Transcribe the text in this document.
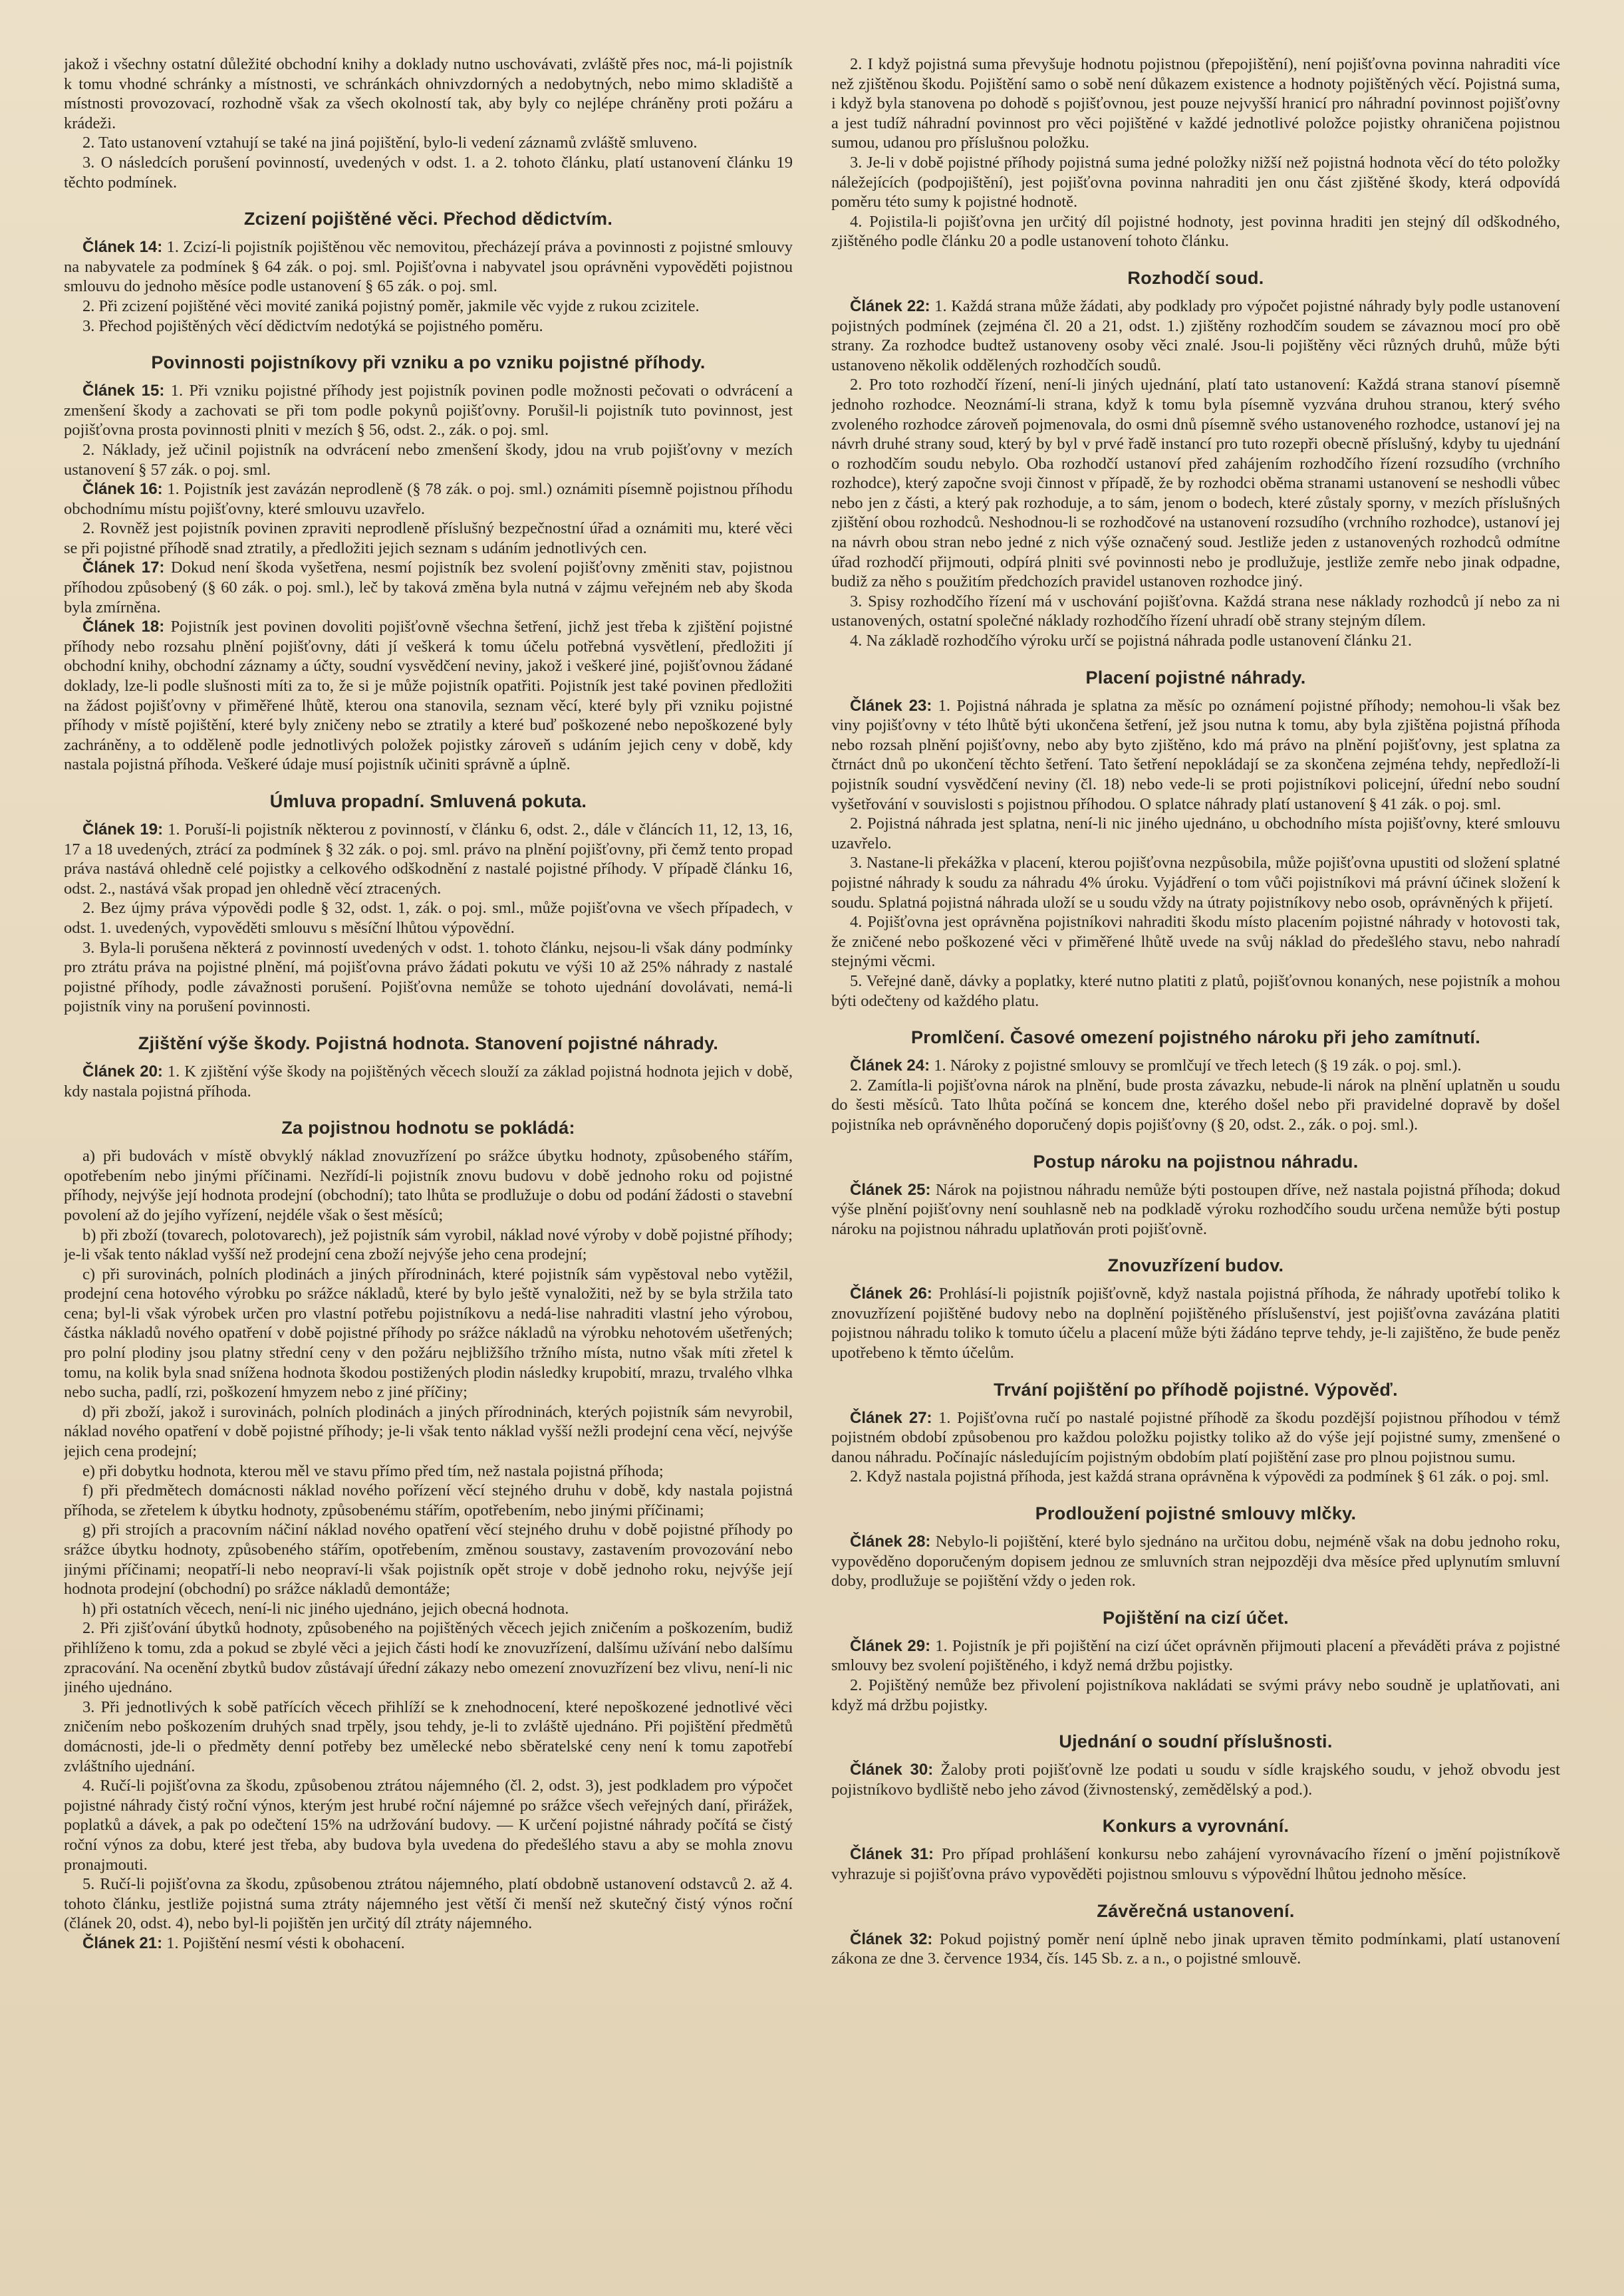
jakož i všechny ostatní důležité obchodní knihy a doklady nutno uschovávati, zvláště přes noc, má-li pojistník k tomu vhodné schránky a místnosti, ve schránkách ohnivzdorných a nedobytných, nebo mimo skladiště a místnosti provozovací, rozhodně však za všech okolností tak, aby byly co nejlépe chráněny proti požáru a krádeži.

2. Tato ustanovení vztahují se také na jiná pojištění, bylo-li vedení záznamů zvláště smluveno.

3. O následcích porušení povinností, uvedených v odst. 1. a 2. tohoto článku, platí ustanovení článku 19 těchto podmínek.

Zcizení pojištěné věci. Přechod dědictvím.

Článek 14: 1. Zcizí-li pojistník pojištěnou věc nemovitou, přecházejí práva a povinnosti z pojistné smlouvy na nabyvatele za podmínek § 64 zák. o poj. sml. Pojišťovna i nabyvatel jsou oprávněni vypověděti pojistnou smlouvu do jednoho měsíce podle ustanovení § 65 zák. o poj. sml.

2. Při zcizení pojištěné věci movité zaniká pojistný poměr, jakmile věc vyjde z rukou zcizitele.

3. Přechod pojištěných věcí dědictvím nedotýká se pojistného poměru.

Povinnosti pojistníkovy při vzniku a po vzniku pojistné příhody.

Článek 15: 1. Při vzniku pojistné příhody jest pojistník povinen podle možnosti pečovati o odvrácení a zmenšení škody a zachovati se při tom podle pokynů pojišťovny. Porušil-li pojistník tuto povinnost, jest pojišťovna prosta povinnosti plniti v mezích § 56, odst. 2., zák. o poj. sml.

2. Náklady, jež učinil pojistník na odvrácení nebo zmenšení škody, jdou na vrub pojišťovny v mezích ustanovení § 57 zák. o poj. sml.

Článek 16: 1. Pojistník jest zavázán neprodleně (§ 78 zák. o poj. sml.) oznámiti písemně pojistnou příhodu obchodnímu místu pojišťovny, které smlouvu uzavřelo.

2. Rovněž jest pojistník povinen zpraviti neprodleně příslušný bezpečnostní úřad a oznámiti mu, které věci se při pojistné příhodě snad ztratily, a předložiti jejich seznam s udáním jednotlivých cen.

Článek 17: Dokud není škoda vyšetřena, nesmí pojistník bez svolení pojišťovny změniti stav, pojistnou příhodou způsobený (§ 60 zák. o poj. sml.), leč by taková změna byla nutná v zájmu veřejném neb aby škoda byla zmírněna.

Článek 18: Pojistník jest povinen dovoliti pojišťovně všechna šetření, jichž jest třeba k zjištění pojistné příhody nebo rozsahu plnění pojišťovny, dáti jí veškerá k tomu účelu potřebná vysvětlení, předložiti jí obchodní knihy, obchodní záznamy a účty, soudní vysvědčení neviny, jakož i veškeré jiné, pojišťovnou žádané doklady, lze-li podle slušnosti míti za to, že si je může pojistník opatřiti. Pojistník jest také povinen předložiti na žádost pojišťovny v přiměřené lhůtě, kterou ona stanovila, seznam věcí, které byly při vzniku pojistné příhody v místě pojištění, které byly zničeny nebo se ztratily a které buď poškozené nebo nepoškozené byly zachráněny, a to odděleně podle jednotlivých položek pojistky zároveň s udáním jejich ceny v době, kdy nastala pojistná příhoda. Veškeré údaje musí pojistník učiniti správně a úplně.

Úmluva propadní. Smluvená pokuta.

Článek 19: 1. Poruší-li pojistník některou z povinností, v článku 6, odst. 2., dále v článcích 11, 12, 13, 16, 17 a 18 uvedených, ztrácí za podmínek § 32 zák. o poj. sml. právo na plnění pojišťovny, při čemž tento propad práva nastává ohledně celé pojistky a celkového odškodnění z nastalé pojistné příhody. V případě článku 16, odst. 2., nastává však propad jen ohledně věcí ztracených.

2. Bez újmy práva výpovědi podle § 32, odst. 1, zák. o poj. sml., může pojišťovna ve všech případech, v odst. 1. uvedených, vypověděti smlouvu s měsíční lhůtou výpovědní.

3. Byla-li porušena některá z povinností uvedených v odst. 1. tohoto článku, nejsou-li však dány podmínky pro ztrátu práva na pojistné plnění, má pojišťovna právo žádati pokutu ve výši 10 až 25% náhrady z nastalé pojistné příhody, podle závažnosti porušení. Pojišťovna nemůže se tohoto ujednání dovolávati, nemá-li pojistník viny na porušení povinnosti.

Zjištění výše škody. Pojistná hodnota. Stanovení pojistné náhrady.

Článek 20: 1. K zjištění výše škody na pojištěných věcech slouží za základ pojistná hodnota jejich v době, kdy nastala pojistná příhoda.

Za pojistnou hodnotu se pokládá:

a) při budovách v místě obvyklý náklad znovuzřízení po srážce úbytku hodnoty, způsobeného stářím, opotřebením nebo jinými příčinami. Nezřídí-li pojistník znovu budovu v době jednoho roku od pojistné příhody, nejvýše její hodnota prodejní (obchodní); tato lhůta se prodlužuje o dobu od podání žádosti o stavební povolení až do jejího vyřízení, nejdéle však o šest měsíců;

b) při zboží (tovarech, polotovarech), jež pojistník sám vyrobil, náklad nové výroby v době pojistné příhody; je-li však tento náklad vyšší než prodejní cena zboží nejvýše jeho cena prodejní;

c) při surovinách, polních plodinách a jiných přírodninách, které pojistník sám vypěstoval nebo vytěžil, prodejní cena hotového výrobku po srážce nákladů, které by bylo ještě vynaložiti, než by se byla stržila tato cena; byl-li však výrobek určen pro vlastní potřebu pojistníkovu a nedá-lise nahraditi vlastní jeho výrobou, částka nákladů nového opatření v době pojistné příhody po srážce nákladů na výrobku nehotovém ušetřených; pro polní plodiny jsou platny střední ceny v den požáru nejbližšího tržního místa, nutno však míti zřetel k tomu, na kolik byla snad snížena hodnota škodou postižených plodin následky krupobití, mrazu, trvalého vlhka nebo sucha, padlí, rzi, poškození hmyzem nebo z jiné příčiny;

d) při zboží, jakož i surovinách, polních plodinách a jiných přírodninách, kterých pojistník sám nevyrobil, náklad nového opatření v době pojistné příhody; je-li však tento náklad vyšší nežli prodejní cena věcí, nejvýše jejich cena prodejní;

e) při dobytku hodnota, kterou měl ve stavu přímo před tím, než nastala pojistná příhoda;

f) při předmětech domácnosti náklad nového pořízení věcí stejného druhu v době, kdy nastala pojistná příhoda, se zřetelem k úbytku hodnoty, způsobenému stářím, opotřebením, nebo jinými příčinami;

g) při strojích a pracovním náčiní náklad nového opatření věcí stejného druhu v době pojistné příhody po srážce úbytku hodnoty, způsobeného stářím, opotřebením, změnou soustavy, zastavením provozování nebo jinými příčinami; neopatří-li nebo neopraví-li však pojistník opět stroje v době jednoho roku, nejvýše její hodnota prodejní (obchodní) po srážce nákladů demontáže;

h) při ostatních věcech, není-li nic jiného ujednáno, jejich obecná hodnota.

2. Při zjišťování úbytků hodnoty, způsobeného na pojištěných věcech jejich zničením a poškozením, budiž přihlíženo k tomu, zda a pokud se zbylé věci a jejich části hodí ke znovuzřízení, dalšímu užívání nebo dalšímu zpracování. Na ocenění zbytků budov zůstávají úřední zákazy nebo omezení znovuzřízení bez vlivu, není-li nic jiného ujednáno.

3. Při jednotlivých k sobě patřících věcech přihlíží se k znehodnocení, které nepoškozené jednotlivé věci zničením nebo poškozením druhých snad trpěly, jsou tehdy, je-li to zvláště ujednáno. Při pojištění předmětů domácnosti, jde-li o předměty denní potřeby bez umělecké nebo sběratelské ceny není k tomu zapotřebí zvláštního ujednání.

4. Ručí-li pojišťovna za škodu, způsobenou ztrátou nájemného (čl. 2, odst. 3), jest podkladem pro výpočet pojistné náhrady čistý roční výnos, kterým jest hrubé roční nájemné po srážce všech veřejných daní, přirážek, poplatků a dávek, a pak po odečtení 15% na udržování budovy. — K určení pojistné náhrady počítá se čistý roční výnos za dobu, které jest třeba, aby budova byla uvedena do předešlého stavu a aby se mohla znovu pronajmouti.

5. Ručí-li pojišťovna za škodu, způsobenou ztrátou nájemného, platí obdobně ustanovení odstavců 2. až 4. tohoto článku, jestliže pojistná suma ztráty nájemného jest větší či menší než skutečný čistý výnos roční (článek 20, odst. 4), nebo byl-li pojištěn jen určitý díl ztráty nájemného.

Článek 21: 1. Pojištění nesmí vésti k obohacení.

2. I když pojistná suma převyšuje hodnotu pojistnou (přepojištění), není pojišťovna povinna nahraditi více než zjištěnou škodu. Pojištění samo o sobě není důkazem existence a hodnoty pojištěných věcí. Pojistná suma, i když byla stanovena po dohodě s pojišťovnou, jest pouze nejvyšší hranicí pro náhradní povinnost pojišťovny a jest tudíž náhradní povinnost pro věci pojištěné v každé jednotlivé položce pojistky ohraničena pojistnou sumou, udanou pro příslušnou položku.

3. Je-li v době pojistné příhody pojistná suma jedné položky nižší než pojistná hodnota věcí do této položky náležejících (podpojištění), jest pojišťovna povinna nahraditi jen onu část zjištěné škody, která odpovídá poměru této sumy k pojistné hodnotě.

4. Pojistila-li pojišťovna jen určitý díl pojistné hodnoty, jest povinna hraditi jen stejný díl odškodného, zjištěného podle článku 20 a podle ustanovení tohoto článku.

Rozhodčí soud.

Článek 22: 1. Každá strana může žádati, aby podklady pro výpočet pojistné náhrady byly podle ustanovení pojistných podmínek (zejména čl. 20 a 21, odst. 1.) zjištěny rozhodčím soudem se závaznou mocí pro obě strany. Za rozhodce budtež ustanoveny osoby věci znalé. Jsou-li pojištěny věci různých druhů, může býti ustanoveno několik oddělených rozhodčích soudů.

2. Pro toto rozhodčí řízení, není-li jiných ujednání, platí tato ustanovení: Každá strana stanoví písemně jednoho rozhodce. Neoznámí-li strana, když k tomu byla písemně vyzvána druhou stranou, který svého zvoleného rozhodce zároveň pojmenovala, do osmi dnů písemně svého ustanoveného rozhodce, ustanoví jej na návrh druhé strany soud, který by byl v prvé řadě instancí pro tuto rozepři obecně příslušný, kdyby tu ujednání o rozhodčím soudu nebylo. Oba rozhodčí ustanoví před zahájením rozhodčího řízení rozsudího (vrchního rozhodce), který započne svoji činnost v případě, že by rozhodci oběma stranami ustanovení se neshodli vůbec nebo jen z části, a který pak rozhoduje, a to sám, jenom o bodech, které zůstaly sporny, v mezích příslušných zjištění obou rozhodců. Neshodnou-li se rozhodčové na ustanovení rozsudího (vrchního rozhodce), ustanoví jej na návrh obou stran nebo jedné z nich výše označený soud. Jestliže jeden z ustanovených rozhodců odmítne úřad rozhodčí přijmouti, odpírá plniti své povinnosti nebo je prodlužuje, jestliže zemře nebo jinak odpadne, budiž za něho s použitím předchozích pravidel ustanoven rozhodce jiný.

3. Spisy rozhodčího řízení má v uschování pojišťovna. Každá strana nese náklady rozhodců jí nebo za ni ustanovených, ostatní společné náklady rozhodčího řízení uhradí obě strany stejným dílem.

4. Na základě rozhodčího výroku určí se pojistná náhrada podle ustanovení článku 21.

Placení pojistné náhrady.

Článek 23: 1. Pojistná náhrada je splatna za měsíc po oznámení pojistné příhody; nemohou-li však bez viny pojišťovny v této lhůtě býti ukončena šetření, jež jsou nutna k tomu, aby byla zjištěna pojistná příhoda nebo rozsah plnění pojišťovny, nebo aby byto zjištěno, kdo má právo na plnění pojišťovny, jest splatna za čtrnáct dnů po ukončení těchto šetření. Tato šetření nepokládají se za skončena zejména tehdy, nepředloží-li pojistník soudní vysvědčení neviny (čl. 18) nebo vede-li se proti pojistníkovi policejní, úřední nebo soudní vyšetřování v souvislosti s pojistnou příhodou. O splatce náhrady platí ustanovení § 41 zák. o poj. sml.

2. Pojistná náhrada jest splatna, není-li nic jiného ujednáno, u obchodního místa pojišťovny, které smlouvu uzavřelo.

3. Nastane-li překážka v placení, kterou pojišťovna nezpůsobila, může pojišťovna upustiti od složení splatné pojistné náhrady k soudu za náhradu 4% úroku. Vyjádření o tom vůči pojistníkovi má právní účinek složení k soudu. Splatná pojistná náhrada uloží se u soudu vždy na útraty pojistníkovy nebo osob, oprávněných k přijetí.

4. Pojišťovna jest oprávněna pojistníkovi nahraditi škodu místo placením pojistné náhrady v hotovosti tak, že zničené nebo poškozené věci v přiměřené lhůtě uvede na svůj náklad do předešlého stavu, nebo nahradí stejnými věcmi.

5. Veřejné daně, dávky a poplatky, které nutno platiti z platů, pojišťovnou konaných, nese pojistník a mohou býti odečteny od každého platu.

Promlčení. Časové omezení pojistného nároku při jeho zamítnutí.

Článek 24: 1. Nároky z pojistné smlouvy se promlčují ve třech letech (§ 19 zák. o poj. sml.).

2. Zamítla-li pojišťovna nárok na plnění, bude prosta závazku, nebude-li nárok na plnění uplatněn u soudu do šesti měsíců. Tato lhůta počíná se koncem dne, kterého došel nebo při pravidelné dopravě by došel pojistníka neb oprávněného doporučený dopis pojišťovny (§ 20, odst. 2., zák. o poj. sml.).

Postup nároku na pojistnou náhradu.

Článek 25: Nárok na pojistnou náhradu nemůže býti postoupen dříve, než nastala pojistná příhoda; dokud výše plnění pojišťovny není souhlasně neb na podkladě výroku rozhodčího soudu určena nemůže býti postup nároku na pojistnou náhradu uplatňován proti pojišťovně.

Znovuzřízení budov.

Článek 26: Prohlásí-li pojistník pojišťovně, když nastala pojistná příhoda, že náhrady upotřebí toliko k znovuzřízení pojištěné budovy nebo na doplnění pojištěného příslušenství, jest pojišťovna zavázána platiti pojistnou náhradu toliko k tomuto účelu a placení může býti žádáno teprve tehdy, je-li zajištěno, že bude peněz upotřebeno k těmto účelům.

Trvání pojištění po příhodě pojistné. Výpověď.

Článek 27: 1. Pojišťovna ručí po nastalé pojistné příhodě za škodu pozdější pojistnou příhodou v témž pojistném období způsobenou pro každou položku pojistky toliko až do výše její pojistné sumy, zmenšené o danou náhradu. Počínajíc následujícím pojistným obdobím platí pojištění zase pro plnou pojistnou sumu.

2. Když nastala pojistná příhoda, jest každá strana oprávněna k výpovědi za podmínek § 61 zák. o poj. sml.

Prodloužení pojistné smlouvy mlčky.

Článek 28: Nebylo-li pojištění, které bylo sjednáno na určitou dobu, nejméně však na dobu jednoho roku, vypověděno doporučeným dopisem jednou ze smluvních stran nejpozději dva měsíce před uplynutím smluvní doby, prodlužuje se pojištění vždy o jeden rok.

Pojištění na cizí účet.

Článek 29: 1. Pojistník je při pojištění na cizí účet oprávněn přijmouti placení a převáděti práva z pojistné smlouvy bez svolení pojištěného, i když nemá držbu pojistky.

2. Pojištěný nemůže bez přivolení pojistníkova nakládati se svými právy nebo soudně je uplatňovati, ani když má držbu pojistky.

Ujednání o soudní příslušnosti.

Článek 30: Žaloby proti pojišťovně lze podati u soudu v sídle krajského soudu, v jehož obvodu jest pojistníkovo bydliště nebo jeho závod (živnostenský, zemědělský a pod.).

Konkurs a vyrovnání.

Článek 31: Pro případ prohlášení konkursu nebo zahájení vyrovnávacího řízení o jmění pojistníkově vyhrazuje si pojišťovna právo vypověděti pojistnou smlouvu s výpovědní lhůtou jednoho měsíce.

Závěrečná ustanovení.

Článek 32: Pokud pojistný poměr není úplně nebo jinak upraven těmito podmínkami, platí ustanovení zákona ze dne 3. července 1934, čís. 145 Sb. z. a n., o pojistné smlouvě.
